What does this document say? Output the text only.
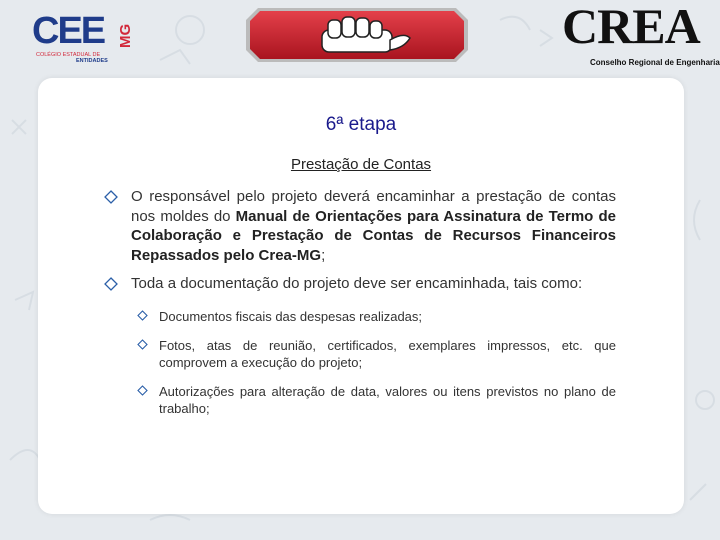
CEE MG
COLÉGIO ESTADUAL DE
ENTIDADES
CREA
Conselho Regional de Engenharia
6ª etapa
Prestação de Contas
O responsável pelo projeto deverá encaminhar a prestação de contas nos moldes do Manual de Orientações para Assinatura de Termo de Colaboração e Prestação de Contas de Recursos Financeiros Repassados pelo Crea-MG;
Toda a documentação do projeto deve ser encaminhada, tais como:
Documentos fiscais das despesas realizadas;
Fotos, atas de reunião, certificados, exemplares impressos, etc. que comprovem a execução do projeto;
Autorizações para alteração de data, valores ou itens previstos no plano de trabalho;
